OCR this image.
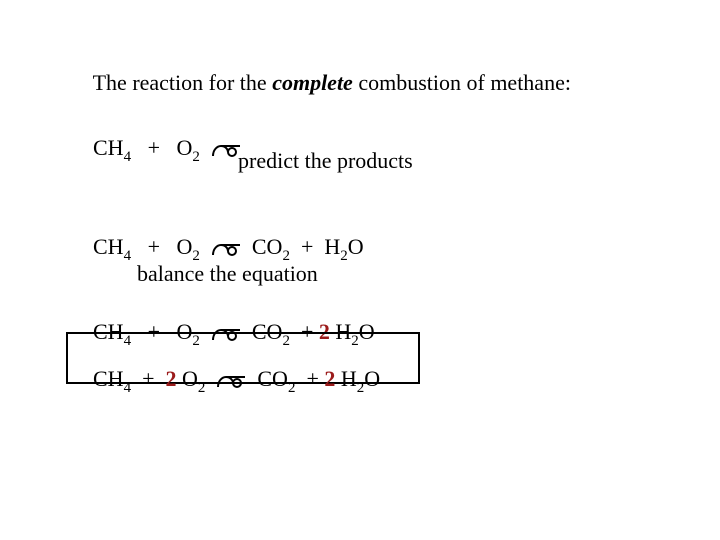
The reaction for the complete combustion of methane:

$CH_4 + O_2$	predict the products

$CH_4 + O_2$ $CO_2 + H_2O$

balance the equation

$CH_4 + O_2$ $CO_2 + 2$ $H_2O$

$CH_4 + 2$ $O_2$ $CO_2 + 2$ $H_2O$
